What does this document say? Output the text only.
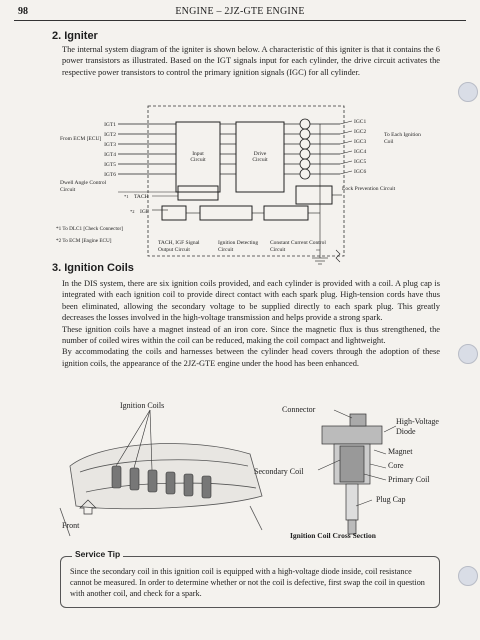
98	ENGINE – 2JZ-GTE ENGINE
2. Igniter
The internal system diagram of the igniter is shown below. A characteristic of this igniter is that it contains the 6 power transistors as illustrated. Based on the IGT signals input for each cylinder, the drive circuit activates the respective power transistors to control the primary ignition signals (IGC) for all cylinder.
Input Circuit
Drive Circuit
IGT1
IGT2
IGT3
IGT4
IGT5
IGT6
IGC1
IGC2
IGC3
IGC4
IGC5
IGC6
From ECM [ECU]
To Each Ignition Coil
Dwell Angle Control Circuit
*1 TACH
*2 IGF
Lock Prevention Circuit
*1 To DLC1 [Check Connector]
*2 To ECM [Engine ECU]	TACH, IGF Signal Output Circuit
Ignition Detecting Circuit
Constant Current Control Circuit
3. Ignition Coils

In the DIS system, there are six ignition coils provided, and each cylinder is provided with a coil. A plug cap is integrated with each ignition coil to provide direct contact with each spark plug. High-tension cords have thus been eliminated, allowing the secondary voltage to be supplied directly to each spark plug. This greatly decreases the losses involved in the high-voltage transmission and helps provide a strong spark.

These ignition coils have a magnet instead of an iron core. Since the magnetic flux is thus strengthened, the number of coiled wires within the coil can be reduced, making the coil compact and lightweight.

By accommodating the coils and harnesses between the cylinder head covers through the adoption of these ignition coils, the appearance of the 2JZ-GTE engine under the hood has been enhanced.

Ignition Coils
Front
Connector
High-Voltage
Diode
Magnet
Core
Primary Coil
Secondary Coil
Plug Cap
Ignition Coil Cross Section
Service Tip
Since the secondary coil in this ignition coil is equipped with a high-voltage diode inside, coil resistance cannot be measured. In order to determine whether or not the coil is defective, first swap the coil in question with another coil, and check for a spark.
